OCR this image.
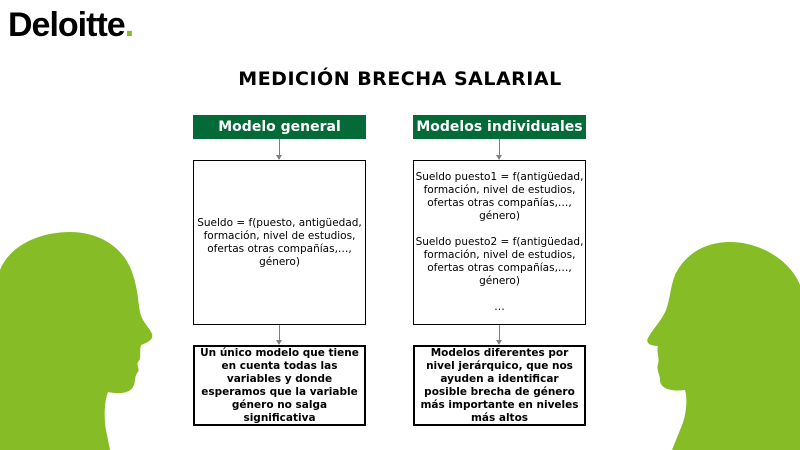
Deloitte.
MEDICIÓN BRECHA SALARIAL
Modelo general

Sueldo = f(puesto, antigüedad,

formación, nivel de estudios,

ofertas otras compañías,…,

género)

Un único modelo que tiene en cuenta todas las variables y donde esperamos que la variable género no salga significativa
Modelos individuales

Sueldo puesto1 = f(antigüedad,

formación, nivel de estudios,

ofertas otras compañías,…,

género)

Sueldo puesto2 = f(antigüedad,

formación, nivel de estudios,

ofertas otras compañías,…,

género)

…

Modelos diferentes por nivel jerárquico, que nos ayuden a identificar posible brecha de género más importante en niveles más altos
